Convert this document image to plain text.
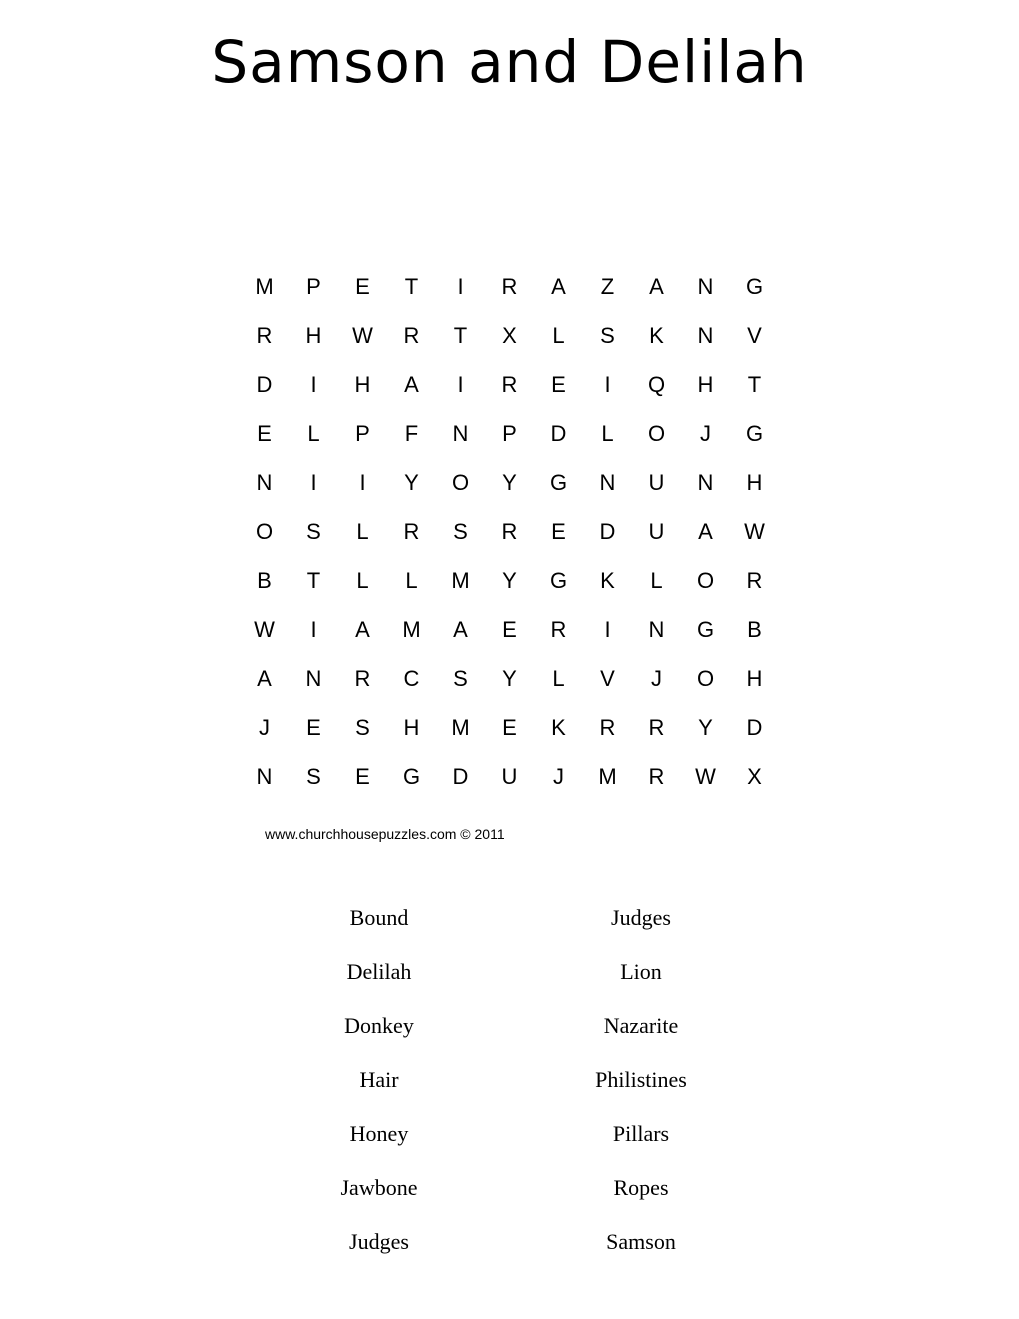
Samson and Delilah
M	P	E	T	I	R	A	Z	A	N	G
R	H	W	R	T	X	L	S	K	N	V
D	I	H	A	I	R	E	I	Q	H	T
E	L	P	F	N	P	D	L	O	J	G
N	I	I	Y	O	Y	G	N	U	N	H
O	S	L	R	S	R	E	D	U	A	W
B	T	L	L	M	Y	G	K	L	O	R
W	I	A	M	A	E	R	I	N	G	B
A	N	R	C	S	Y	L	V	J	O	H
J	E	S	H	M	E	K	R	R	Y	D
N	S	E	G	D	U	J	M	R	W	X
www.churchhousepuzzles.com © 2011
Bound	Judges
Delilah	Lion
Donkey	Nazarite
Hair	Philistines
Honey	Pillars
Jawbone	Ropes
Judges	Samson
